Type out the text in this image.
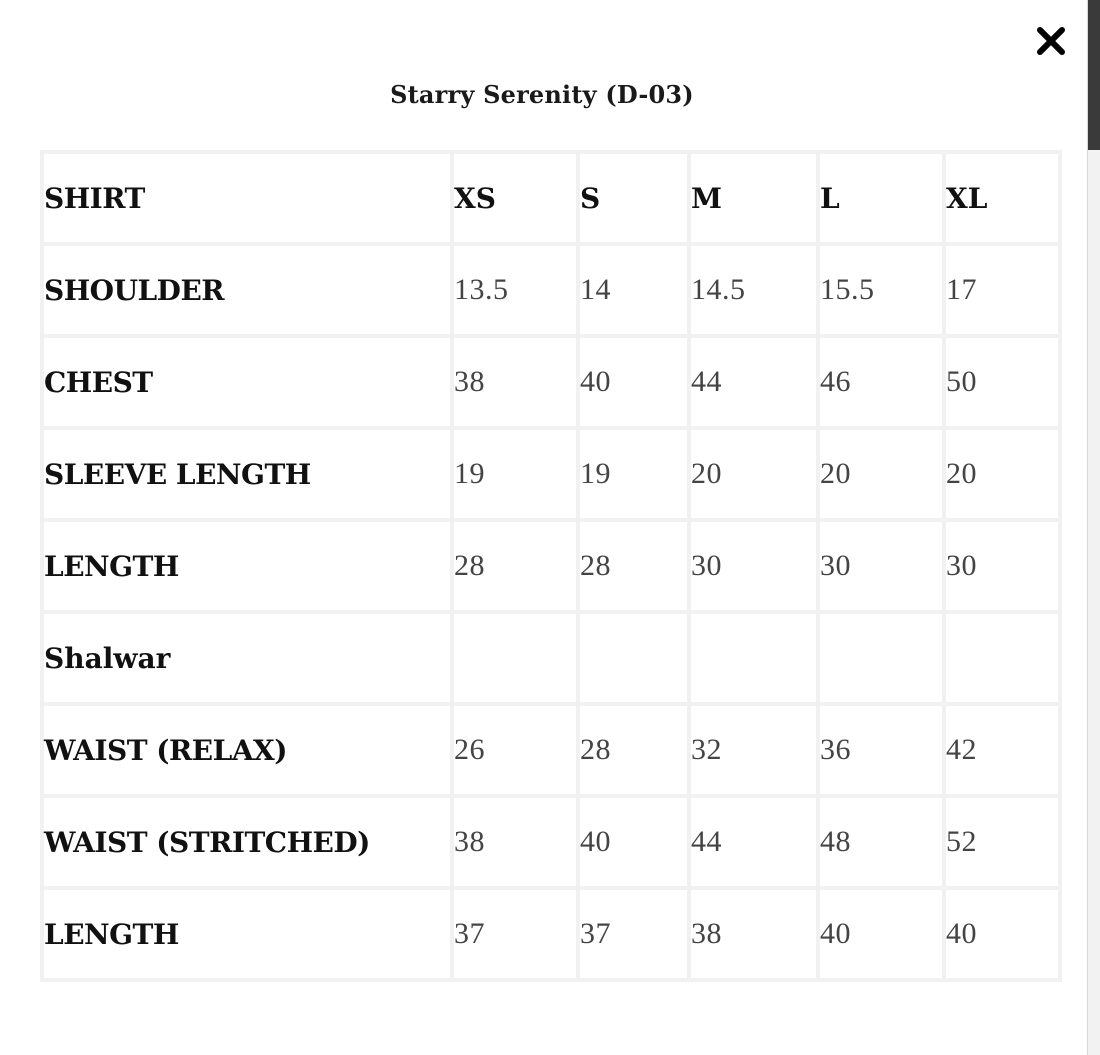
Starry Serenity (D-03)
SHIRT	XS	S	M	L	XL
SHOULDER	13.5	14	14.5	15.5	17
CHEST	38	40	44	46	50
SLEEVE LENGTH	19	19	20	20	20
LENGTH	28	28	30	30	30
Shalwar					
WAIST (RELAX)	26	28	32	36	42
WAIST (STRITCHED)	38	40	44	48	52
LENGTH	37	37	38	40	40
